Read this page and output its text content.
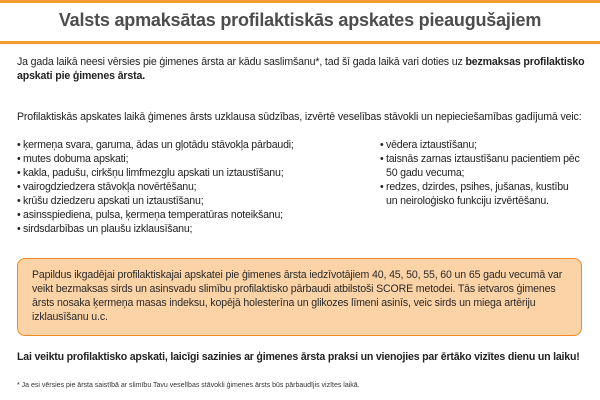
Valsts apmaksātas profilaktiskās apskates pieaugušajiem

Ja gada laikā neesi vērsies pie ģimenes ārsta ar kādu saslimšanu*, tad šī gada laikā vari doties uz bezmaksas profilaktisko apskati pie ģimenes ārsta.

Profilaktiskās apskates laikā ģimenes ārsts uzklausa sūdzības, izvērtē veselības stāvokli un nepieciešamības gadījumā veic:

• ķermeņa svara, garuma, ādas un gļotādu stāvokļa pārbaudi;
• mutes dobuma apskati;
• kakla, padušu, cirkšņu limfmezglu apskati un iztaustīšanu;
• vairogdziedzera stāvokļa novērtēšanu;
• krūšu dziedzeru apskati un iztaustīšanu;
• asinsspiediena, pulsa, ķermeņa temperatūras noteikšanu;
• sirdsdarbības un plaušu izklausīšanu;
• vēdera iztaustīšanu;
• taisnās zarnas iztaustīšanu pacientiem pēc 50 gadu vecuma;
• redzes, dzirdes, psihes, jušanas, kustību un neiroloģisko funkciju izvērtēšanu.

Papildus ikgadējai profilaktiskajai apskatei pie ģimenes ārsta iedzīvotājiem 40, 45, 50, 55, 60 un 65 gadu vecumā var veikt bezmaksas sirds un asinsvadu slimību profilaktisko pārbaudi atbilstoši SCORE metodei. Tās ietvaros ģimenes ārsts nosaka ķermeņa masas indeksu, kopējā holesterīna un glikozes līmeni asinīs, veic sirds un miega artēriju izklausīšanu u.c.

Lai veiktu profilaktisko apskati, laicīgi sazinies ar ģimenes ārsta praksi un vienojies par ērtāko vizītes dienu un laiku!

* Ja esi vērsies pie ārsta saistībā ar slimību Tavu veselības stāvokli ģimenes ārsts būs pārbaudījis vizītes laikā.
